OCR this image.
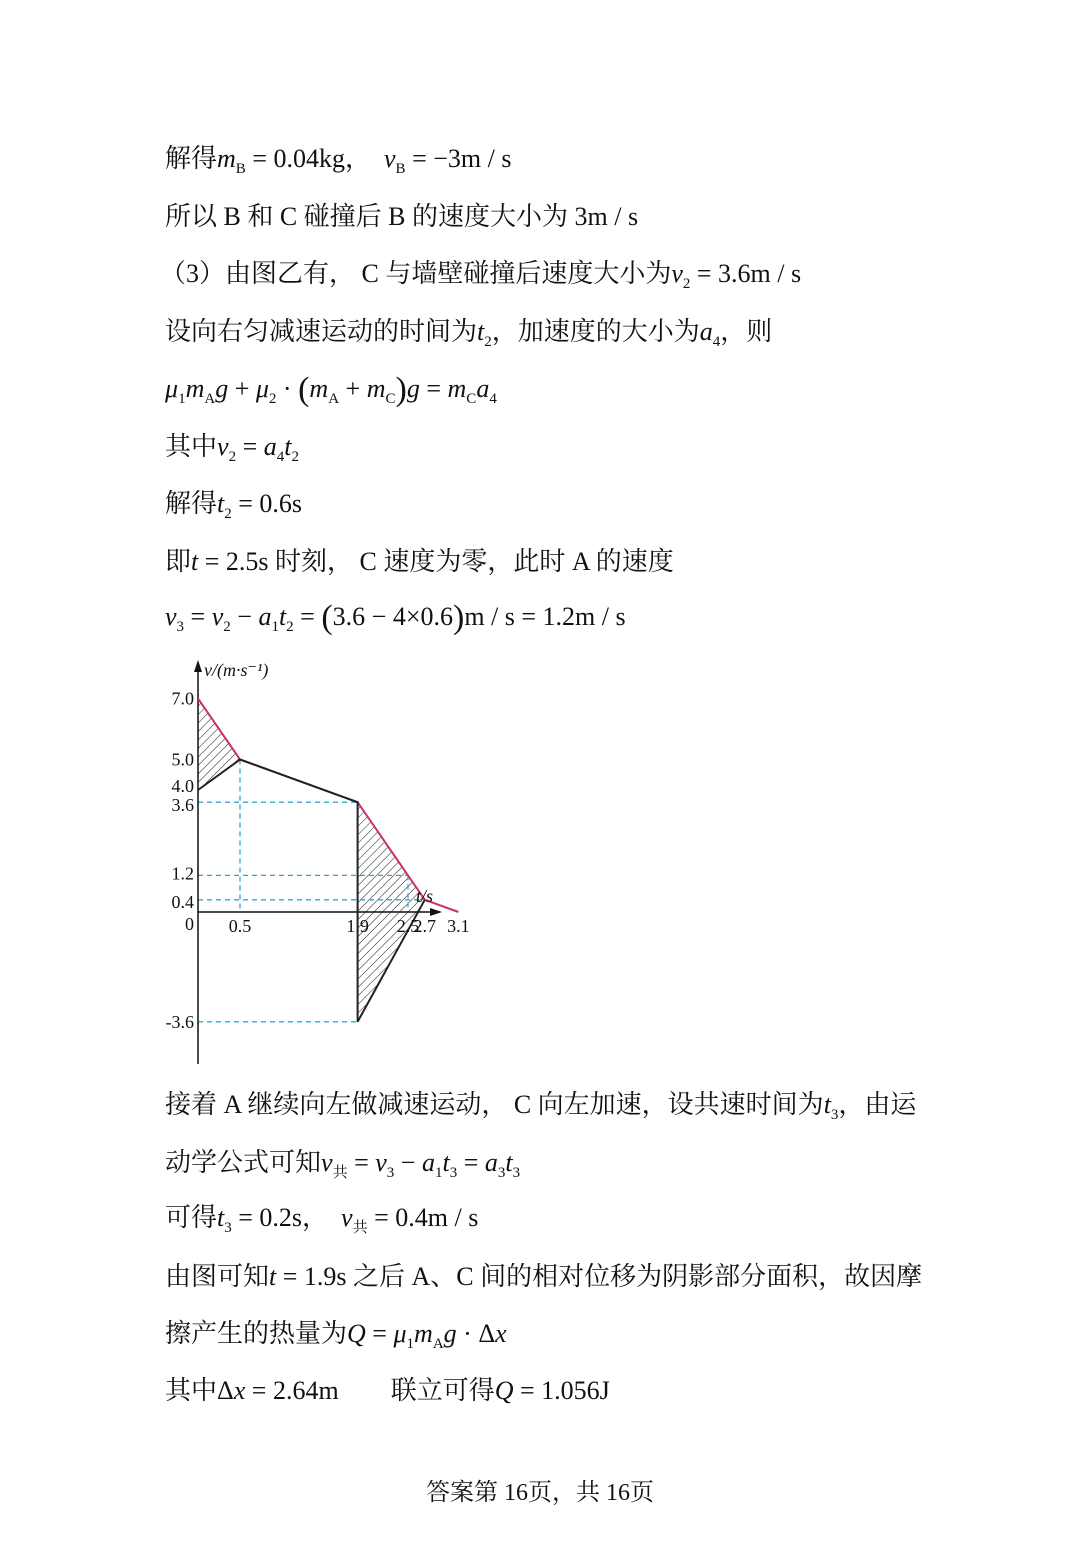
解得$m_B = 0.04kg$， $v_B = -3m / s$
所以 B 和 C 碰撞后 B 的速度大小为 3m / s
（3）由图乙有， C 与墙壁碰撞后速度大小为$v_2 = 3.6m / s$
设向右匀减速运动的时间为$t_2$，加速度的大小为$a_4$，则
$\mu_1m_Ag + \mu_2 \cdot (m_A + m_C)g = m_Ca_4$
其中$v_2 = a_4t_2$
解得$t_2 = 0.6s$
即t = 2.5s 时刻， C 速度为零，此时 A 的速度
$v_3 = v_2 - a_1t_2 = (3.6 - 4\times 0.6)m / s = 1.2m / s$
7.0
5.0
4.0
3.6
1.2
0.4
0
-3.6
0.5	1.9 2.5
2.7 3.1
v/(m·s⁻¹)
t/s
接着 A 继续向左做减速运动， C 向左加速，设共速时间为$t_3$，由运
动学公式可知$v_共 = v_3 - a_1t_3 = a_3t_3$
可得$t_3 = 0.2s$， $v_共 = 0.4m / s$
由图可知t = 1.9s 之后 A、C 间的相对位移为阴影部分面积，故因摩
擦产生的热量为$Q = \mu_1m_Ag \cdot \Delta x$
其中Δx = 2.64m        联立可得Q = 1.056J
答案第 16页，共 16页
